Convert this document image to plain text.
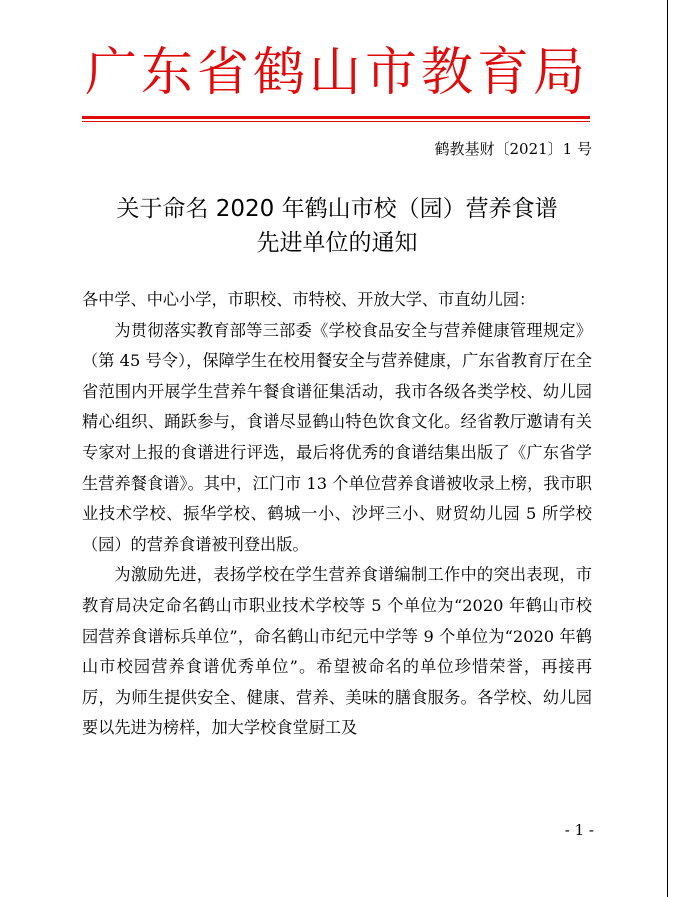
广东省鹤山市教育局
鹤教基财〔2021〕1 号
关于命名 2020 年鹤山市校（园）营养食谱
先进单位的通知

各中学、中心小学，市职校、市特校、开放大学、市直幼儿园：

为贯彻落实教育部等三部委《学校食品安全与营养健康管理规定》（第 45 号令），保障学生在校用餐安全与营养健康，广东省教育厅在全省范围内开展学生营养午餐食谱征集活动，我市各级各类学校、幼儿园精心组织、踊跃参与，食谱尽显鹤山特色饮食文化。经省教厅邀请有关专家对上报的食谱进行评选，最后将优秀的食谱结集出版了《广东省学生营养餐食谱》。其中，江门市 13 个单位营养食谱被收录上榜，我市职业技术学校、振华学校、鹤城一小、沙坪三小、财贸幼儿园 5 所学校（园）的营养食谱被刊登出版。

为激励先进，表扬学校在学生营养食谱编制工作中的突出表现，市教育局决定命名鹤山市职业技术学校等 5 个单位为“2020 年鹤山市校园营养食谱标兵单位”，命名鹤山市纪元中学等 9 个单位为“2020 年鹤山市校园营养食谱优秀单位”。希望被命名的单位珍惜荣誉，再接再厉，为师生提供安全、健康、营养、美味的膳食服务。各学校、幼儿园要以先进为榜样，加大学校食堂厨工及

- 1 -
